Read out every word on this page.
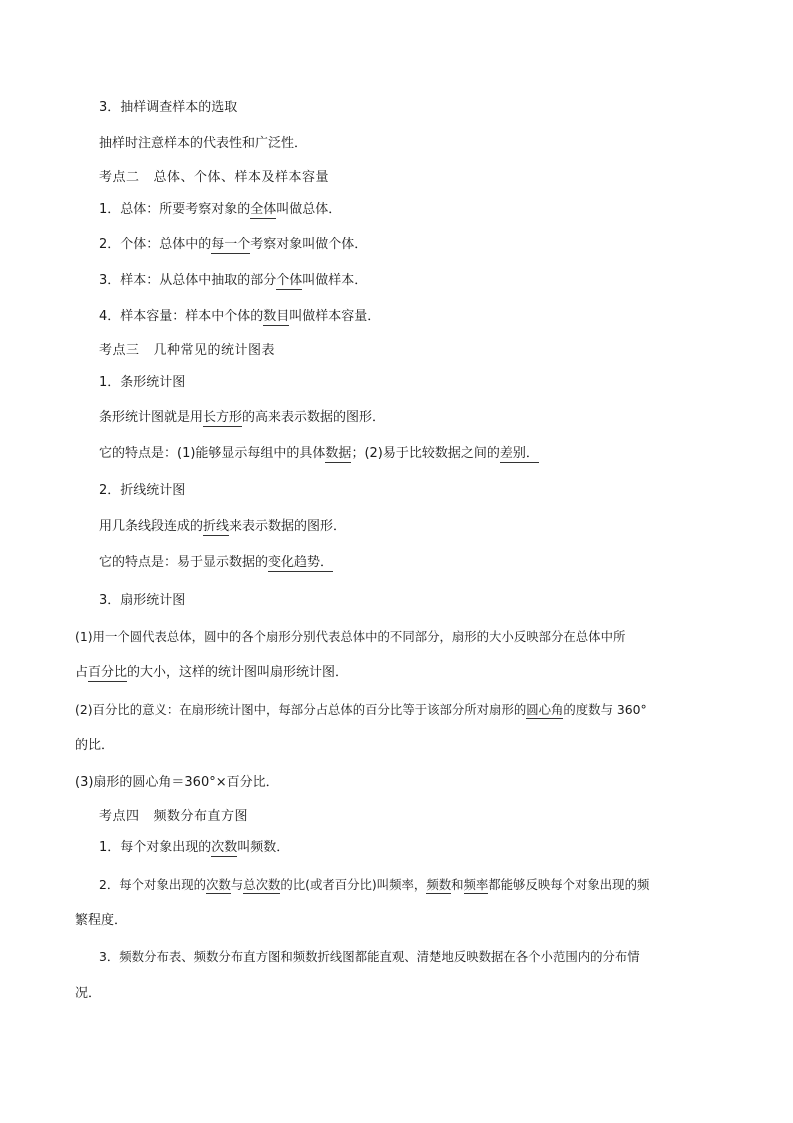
3．抽样调查样本的选取
抽样时注意样本的代表性和广泛性．
考点二 总体、个体、样本及样本容量
1．总体：所要考察对象的全体叫做总体．
2．个体：总体中的每一个考察对象叫做个体．
3．样本：从总体中抽取的部分个体叫做样本．
4．样本容量：样本中个体的数目叫做样本容量．
考点三 几种常见的统计图表
1．条形统计图
条形统计图就是用长方形的高来表示数据的图形．
它的特点是：(1)能够显示每组中的具体数据；(2)易于比较数据之间的差别．
2．折线统计图
用几条线段连成的折线来表示数据的图形．
它的特点是：易于显示数据的变化趋势．
3．扇形统计图
(1)用一个圆代表总体，圆中的各个扇形分别代表总体中的不同部分，扇形的大小反映部分在总体中所
占百分比的大小，这样的统计图叫扇形统计图．
(2)百分比的意义：在扇形统计图中，每部分占总体的百分比等于该部分所对扇形的圆心角的度数与 360°
的比．
(3)扇形的圆心角＝360°×百分比．
考点四 频数分布直方图
1．每个对象出现的次数叫频数．
2．每个对象出现的次数与总次数的比(或者百分比)叫频率，频数和频率都能够反映每个对象出现的频
繁程度．
3．频数分布表、频数分布直方图和频数折线图都能直观、清楚地反映数据在各个小范围内的分布情
况．
